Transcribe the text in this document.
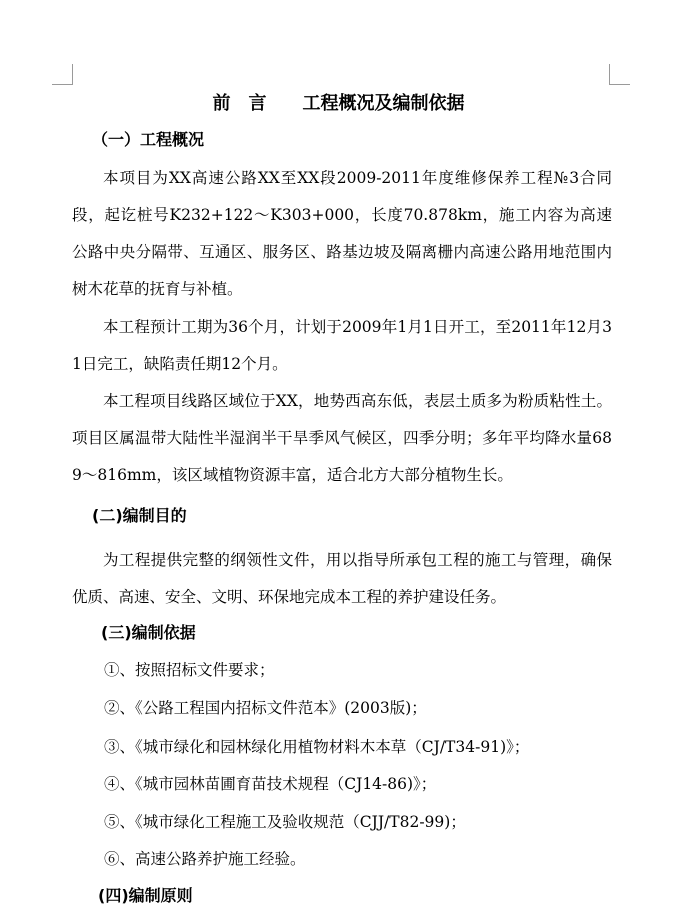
前　言　　工程概况及编制依据
（一）工程概况

本项目为XX高速公路XX至XX段2009-2011年度维修保养工程№3合同段，起讫桩号K232+122～K303+000，长度70.878km，施工内容为高速公路中央分隔带、互通区、服务区、路基边坡及隔离栅内高速公路用地范围内树木花草的抚育与补植。

本工程预计工期为36个月，计划于2009年1月1日开工，至2011年12月31日完工，缺陷责任期12个月。

本工程项目线路区域位于XX，地势西高东低，表层土质多为粉质粘性土。项目区属温带大陆性半湿润半干旱季风气候区，四季分明；多年平均降水量689～816mm，该区域植物资源丰富，适合北方大部分植物生长。

(二)编制目的

为工程提供完整的纲领性文件，用以指导所承包工程的施工与管理，确保优质、高速、安全、文明、环保地完成本工程的养护建设任务。

(三)编制依据
①、按照招标文件要求；
②、《公路工程国内招标文件范本》(2003版)；
③、《城市绿化和园林绿化用植物材料木本草（CJ/T34-91)》；
④、《城市园林苗圃育苗技术规程（CJ14-86)》；
⑤、《城市绿化工程施工及验收规范（CJJ/T82-99)；
⑥、高速公路养护施工经验。
(四)编制原则
